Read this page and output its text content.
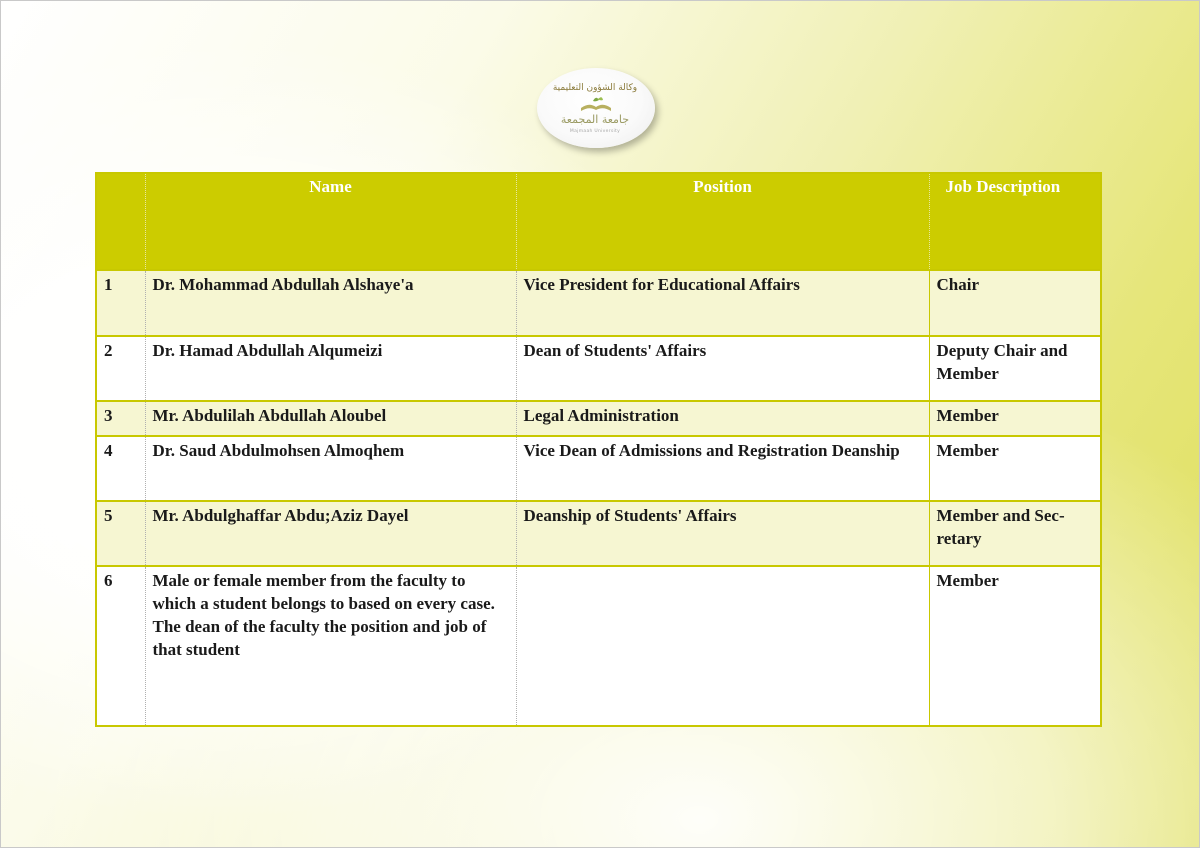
وكالة الشؤون التعليمية
جامعة المجمعة
Majmaah University
	Name	Position	Job Description
1	Dr. Mohammad Abdullah Alshaye'a	Vice President for Educational Affairs	Chair
2	Dr. Hamad Abdullah Alqumeizi	Dean of Students' Affairs	Deputy Chair and Member
3	Mr. Abdulilah Abdullah Aloubel	Legal Administration	Member
4	Dr. Saud Abdulmohsen Almoqhem	Vice Dean of Admissions and Registration Deanship	Member
5	Mr. Abdulghaffar Abdu;Aziz Dayel	Deanship of Students' Affairs	Member and Sec-retary
6	Male or female member from the faculty to which a student belongs to based on every case. The dean of the faculty the position and job of that student		Member
